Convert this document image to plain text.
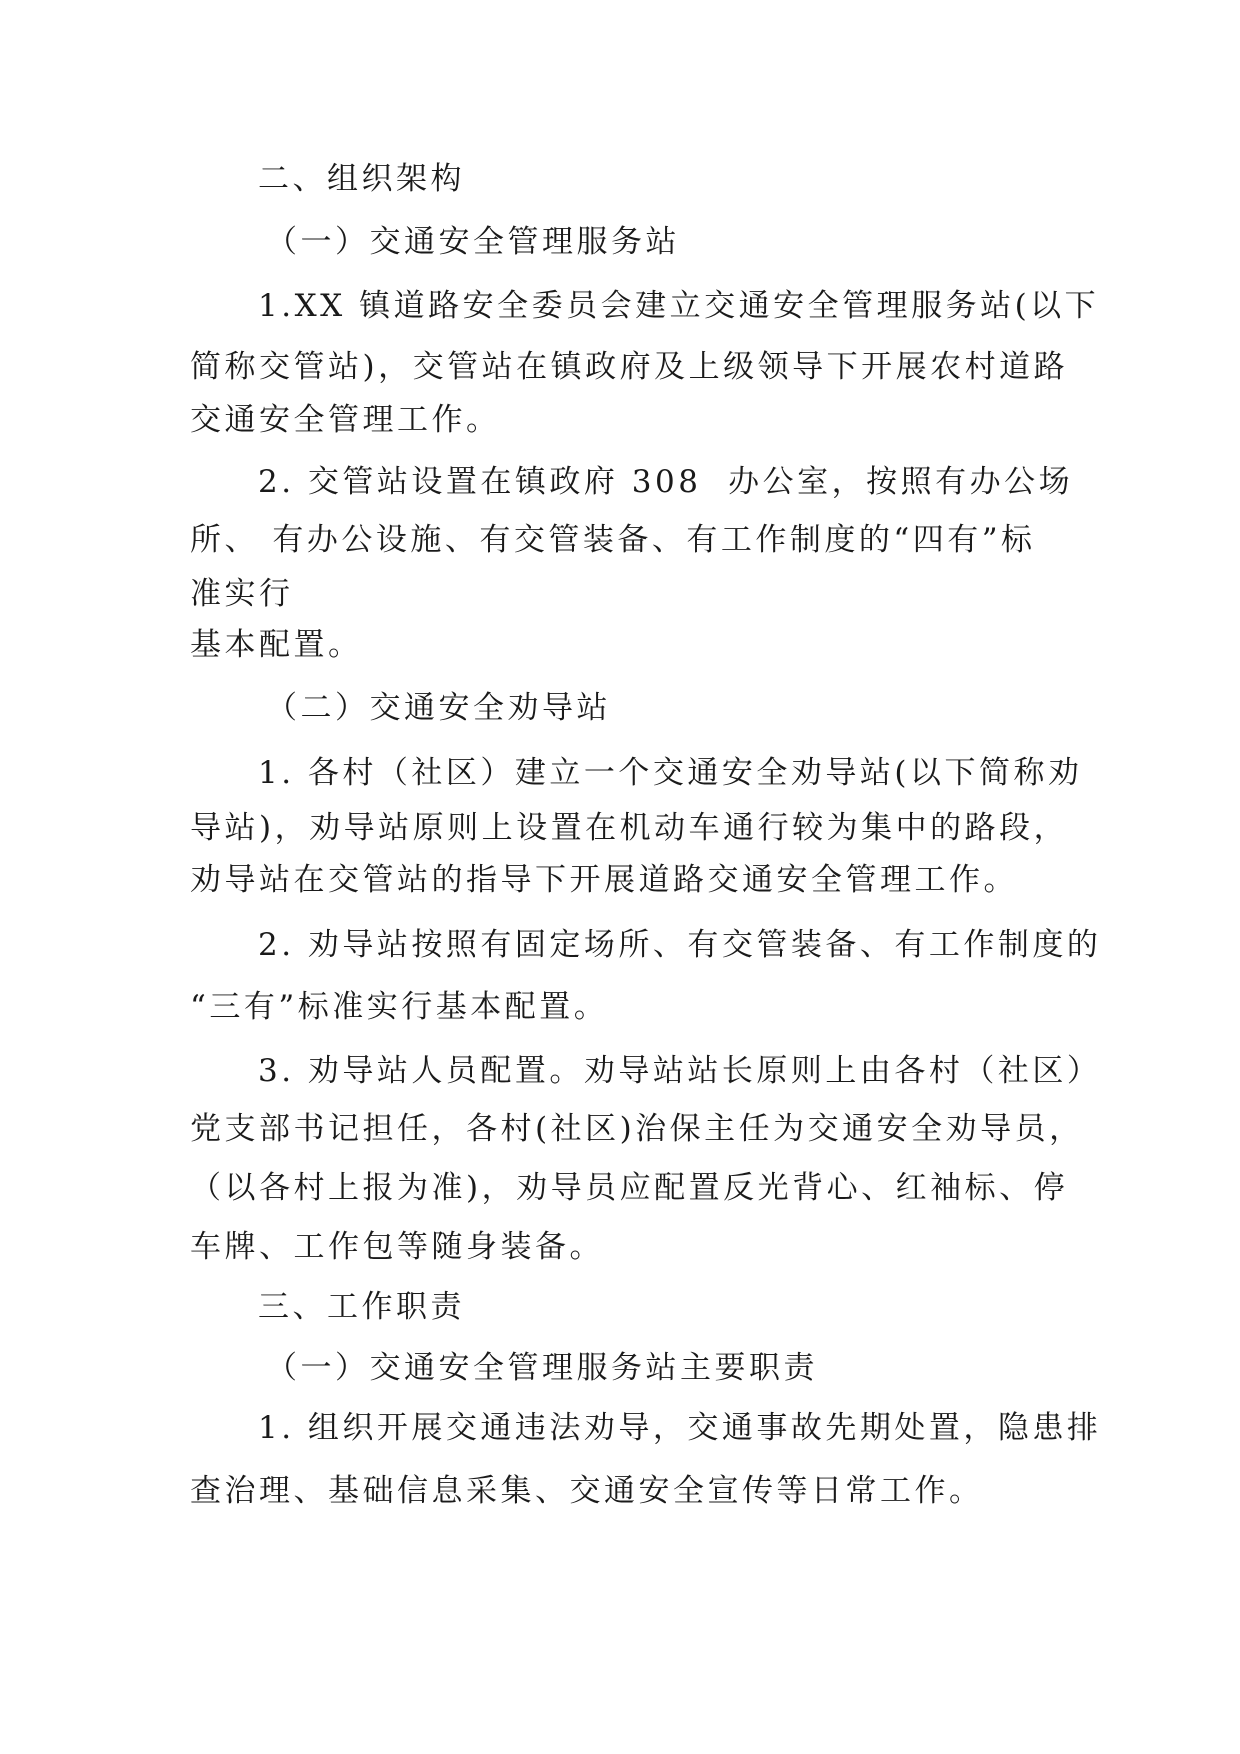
二、组织架构
（一）交通安全管理服务站
1.XX 镇道路安全委员会建立交通安全管理服务站(以下
简称交管站)，交管站在镇政府及上级领导下开展农村道路
交通安全管理工作。
2. 交管站设置在镇政府 308  办公室，按照有办公场
所、 有办公设施、有交管装备、有工作制度的“四有”标
准实行
基本配置。
（二）交通安全劝导站
1. 各村（社区）建立一个交通安全劝导站(以下简称劝
导站)，劝导站原则上设置在机动车通行较为集中的路段，
劝导站在交管站的指导下开展道路交通安全管理工作。
2. 劝导站按照有固定场所、有交管装备、有工作制度的
“三有”标准实行基本配置。
3. 劝导站人员配置。劝导站站长原则上由各村（社区）
党支部书记担任，各村(社区)治保主任为交通安全劝导员，
（以各村上报为准)，劝导员应配置反光背心、红袖标、停
车牌、工作包等随身装备。
三、工作职责
（一）交通安全管理服务站主要职责
1. 组织开展交通违法劝导，交通事故先期处置，隐患排
查治理、基础信息采集、交通安全宣传等日常工作。
